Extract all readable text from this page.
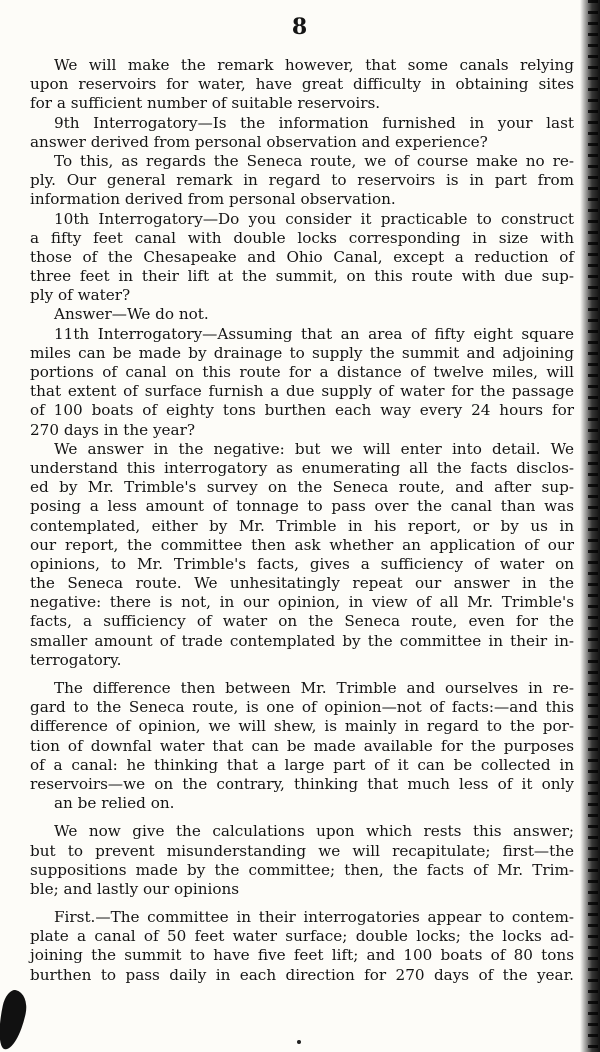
8
We will make the remark however, that some canals relying
upon reservoirs for water, have great difficulty in obtaining sites
for a sufficient number of suitable reservoirs.
9th Interrogatory—Is the information furnished in your last
answer derived from personal observation and experience?
To this, as regards the Seneca route, we of course make no re-
ply. Our general remark in regard to reservoirs is in part from
information derived from personal observation.
10th Interrogatory—Do you consider it practicable to construct
a fifty feet canal with double locks corresponding in size with
those of the Chesapeake and Ohio Canal, except a reduction of
three feet in their lift at the summit, on this route with due sup-
ply of water?
Answer—We do not.
11th Interrogatory—Assuming that an area of fifty eight square
miles can be made by drainage to supply the summit and adjoining
portions of canal on this route for a distance of twelve miles, will
that extent of surface furnish a due supply of water for the passage
of 100 boats of eighty tons burthen each way every 24 hours for
270 days in the year?
We answer in the negative: but we will enter into detail. We
understand this interrogatory as enumerating all the facts disclos-
ed by Mr. Trimble's survey on the Seneca route, and after sup-
posing a less amount of tonnage to pass over the canal than was
contemplated, either by Mr. Trimble in his report, or by us in
our report, the committee then ask whether an application of our
opinions, to Mr. Trimble's facts, gives a sufficiency of water on
the Seneca route. We unhesitatingly repeat our answer in the
negative: there is not, in our opinion, in view of all Mr. Trimble's
facts, a sufficiency of water on the Seneca route, even for the
smaller amount of trade contemplated by the committee in their in-
terrogatory.
The difference then between Mr. Trimble and ourselves in re-
gard to the Seneca route, is one of opinion—not of facts:—and this
difference of opinion, we will shew, is mainly in regard to the por-
tion of downfal water that can be made available for the purposes
of a canal: he thinking that a large part of it can be collected in
reservoirs—we on the contrary, thinking that much less of it only
an be relied on.
We now give the calculations upon which rests this answer;
but to prevent misunderstanding we will recapitulate; first—the
suppositions made by the committee; then, the facts of Mr. Trim-
ble; and lastly our opinions
First.—The committee in their interrogatories appear to contem-
plate a canal of 50 feet water surface; double locks; the locks ad-
joining the summit to have five feet lift; and 100 boats of 80 tons
burthen to pass daily in each direction for 270 days of the year.
